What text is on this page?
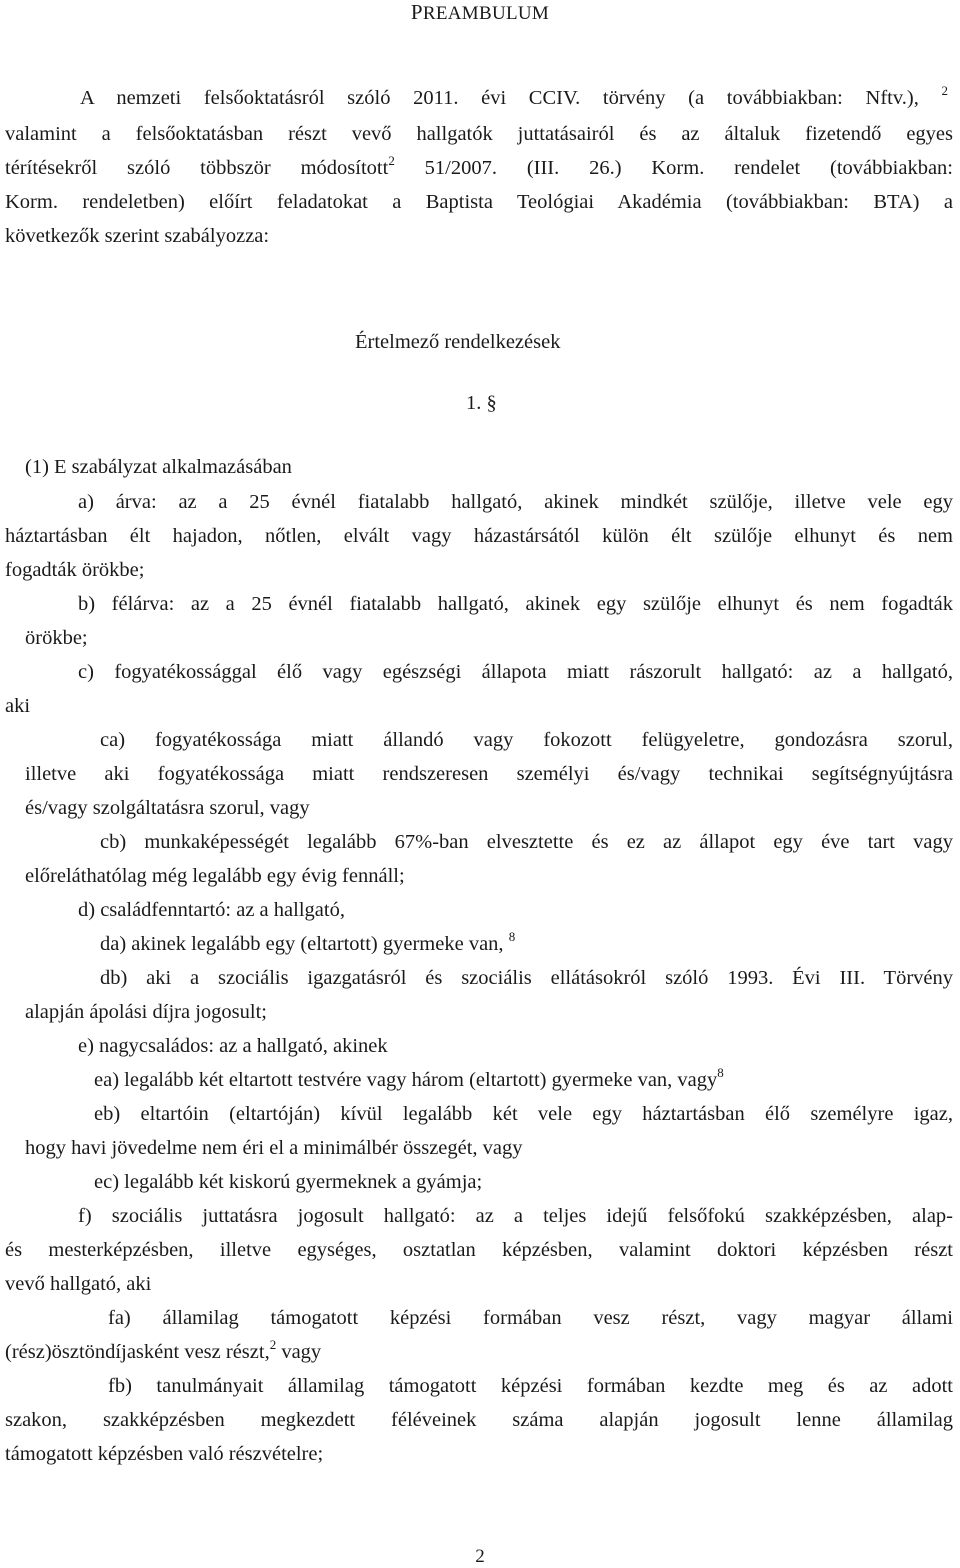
PREAMBULUM
A nemzeti felsőoktatásról szóló 2011. évi CCIV. törvény (a továbbiakban: Nftv.), $^2$
valamint a felsőoktatásban részt vevő hallgatók juttatásairól és az általuk fizetendő egyes
térítésekről szóló többször módosított$^2$ 51/2007. (III. 26.) Korm. rendelet (továbbiakban:
Korm. rendeletben) előírt feladatokat a Baptista Teológiai Akadémia (továbbiakban: BTA) a
következők szerint szabályozza:
Értelmező rendelkezések
1. §
(1) E szabályzat alkalmazásában
a) árva: az a 25 évnél fiatalabb hallgató, akinek mindkét szülője, illetve vele egy
háztartásban élt hajadon, nőtlen, elvált vagy házastársától külön élt szülője elhunyt és nem
fogadták örökbe;
b) félárva: az a 25 évnél fiatalabb hallgató, akinek egy szülője elhunyt és nem fogadták
örökbe;
c) fogyatékossággal élő vagy egészségi állapota miatt rászorult hallgató: az a hallgató,
aki
ca) fogyatékossága miatt állandó vagy fokozott felügyeletre, gondozásra szorul,
illetve aki fogyatékossága miatt rendszeresen személyi és/vagy technikai segítségnyújtásra
és/vagy szolgáltatásra szorul, vagy
cb) munkaképességét legalább 67%-ban elvesztette és ez az állapot egy éve tart vagy
előreláthatólag még legalább egy évig fennáll;
d) családfenntartó: az a hallgató,
da) akinek legalább egy (eltartott) gyermeke van, $^8$
db) aki a szociális igazgatásról és szociális ellátásokról szóló 1993. Évi III. Törvény
alapján ápolási díjra jogosult;
e) nagycsaládos: az a hallgató, akinek
ea) legalább két eltartott testvére vagy három (eltartott) gyermeke van, vagy$^8$
eb) eltartóin (eltartóján) kívül legalább két vele egy háztartásban élő személyre igaz,
hogy havi jövedelme nem éri el a minimálbér összegét, vagy
ec) legalább két kiskorú gyermeknek a gyámja;
f) szociális juttatásra jogosult hallgató: az a teljes idejű felsőfokú szakképzésben, alap-
és mesterképzésben, illetve egységes, osztatlan képzésben, valamint doktori képzésben részt
vevő hallgató, aki
fa) államilag támogatott képzési formában vesz részt, vagy magyar állami
(rész)ösztöndíjasként vesz részt,$^2$ vagy
fb) tanulmányait államilag támogatott képzési formában kezdte meg és az adott
szakon, szakképzésben megkezdett féléveinek száma alapján jogosult lenne államilag
támogatott képzésben való részvételre;
2
